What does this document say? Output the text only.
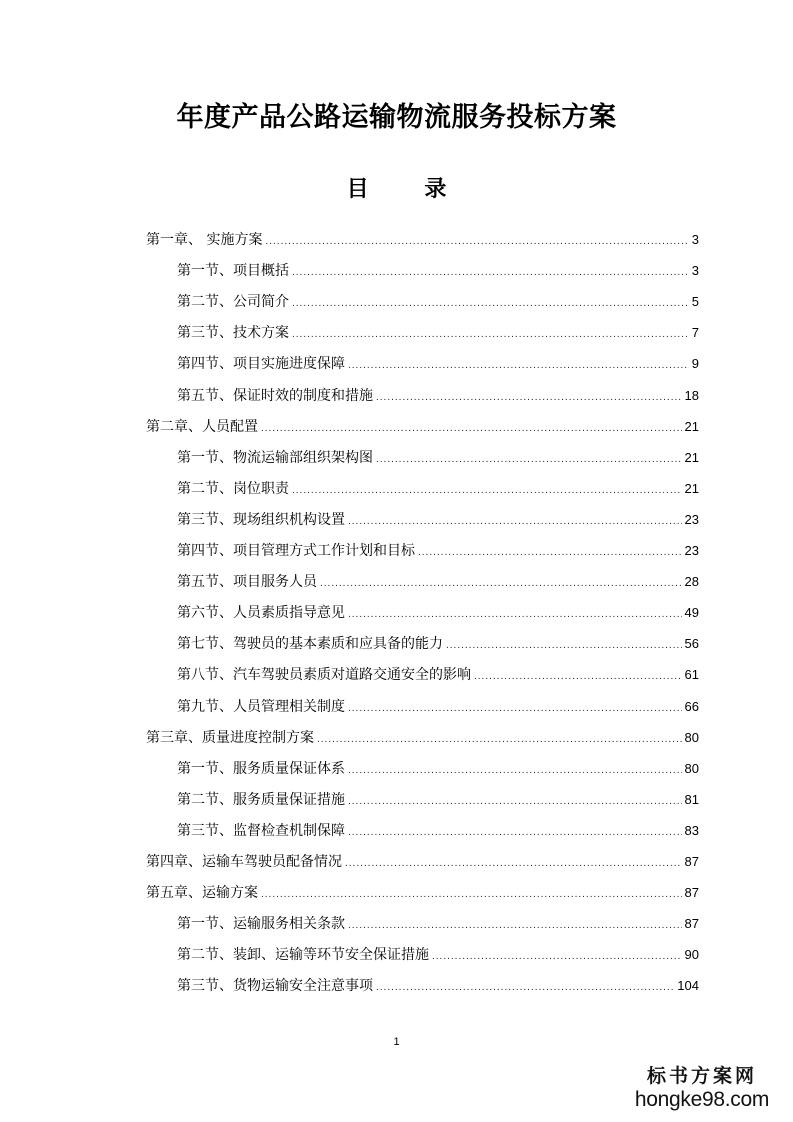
年度产品公路运输物流服务投标方案
目 录
第一章、 实施方案 .....	3
第一节、项目概括 .....	3
第二节、公司简介 .....	5
第三节、技术方案 .....	7
第四节、项目实施进度保障 .....	9
第五节、保证时效的制度和措施 .....	18
第二章、人员配置 .....	21
第一节、物流运输部组织架构图 .....	21
第二节、岗位职责 .....	21
第三节、现场组织机构设置 .....	23
第四节、项目管理方式工作计划和目标 .....	23
第五节、项目服务人员 .....	28
第六节、人员素质指导意见 .....	49
第七节、驾驶员的基本素质和应具备的能力 .....	56
第八节、汽车驾驶员素质对道路交通安全的影响 .....	61
第九节、人员管理相关制度 .....	66
第三章、质量进度控制方案 .....	80
第一节、服务质量保证体系 .....	80
第二节、服务质量保证措施 .....	81
第三节、监督检查机制保障 .....	83
第四章、运输车驾驶员配备情况 .....	87
第五章、运输方案 .....	87
第一节、运输服务相关条款 .....	87
第二节、装卸、运输等环节安全保证措施 .....	90
第三节、货物运输安全注意事项 .....	104
1
标书方案网
hongke98.com
